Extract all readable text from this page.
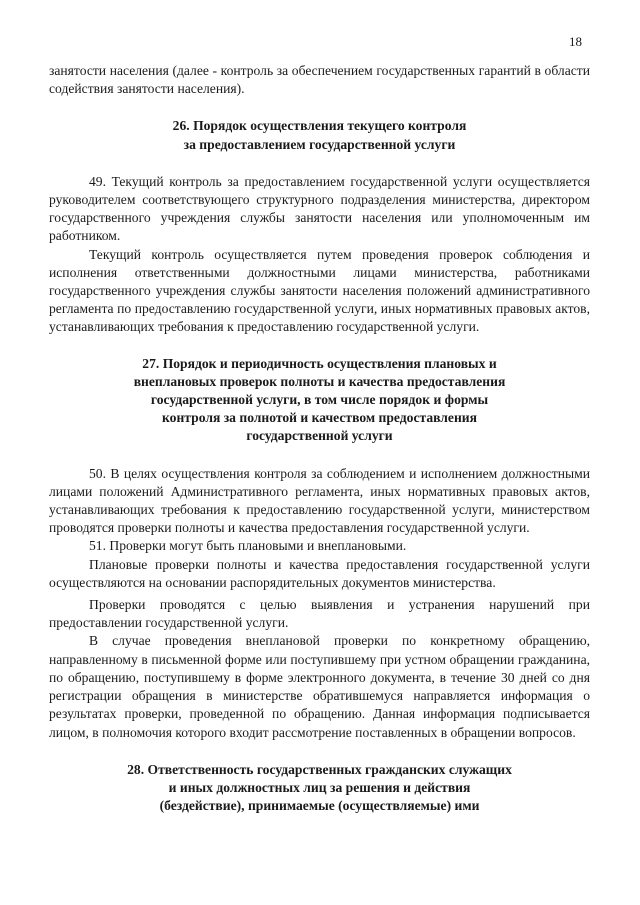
18

занятости населения (далее - контроль за обеспечением государственных гарантий в области содействия занятости населения).

26. Порядок осуществления текущего контроля
за предоставлением государственной услуги

49. Текущий контроль за предоставлением государственной услуги осуществляется руководителем соответствующего структурного подразделения министерства, директором государственного учреждения службы занятости населения или уполномоченным им работником.

Текущий контроль осуществляется путем проведения проверок соблюдения и исполнения ответственными должностными лицами министерства, работниками государственного учреждения службы занятости населения положений административного регламента по предоставлению государственной услуги, иных нормативных правовых актов, устанавливающих требования к предоставлению государственной услуги.

27. Порядок и периодичность осуществления плановых и
внеплановых проверок полноты и качества предоставления
государственной услуги, в том числе порядок и формы
контроля за полнотой и качеством предоставления
государственной услуги

50. В целях осуществления контроля за соблюдением и исполнением должностными лицами положений Административного регламента, иных нормативных правовых актов, устанавливающих требования к предоставлению государственной услуги, министерством проводятся проверки полноты и качества предоставления государственной услуги.

51. Проверки могут быть плановыми и внеплановыми.

Плановые проверки полноты и качества предоставления государственной услуги осуществляются на основании распорядительных документов министерства.

Проверки проводятся с целью выявления и устранения нарушений при предоставлении государственной услуги.

В случае проведения внеплановой проверки по конкретному обращению, направленному в письменной форме или поступившему при устном обращении гражданина, по обращению, поступившему в форме электронного документа, в течение 30 дней со дня регистрации обращения в министерстве обратившемуся направляется информация о результатах проверки, проведенной по обращению. Данная информация подписывается лицом, в полномочия которого входит рассмотрение поставленных в обращении вопросов.

28. Ответственность государственных гражданских служащих
и иных должностных лиц за решения и действия
(бездействие), принимаемые (осуществляемые) ими
